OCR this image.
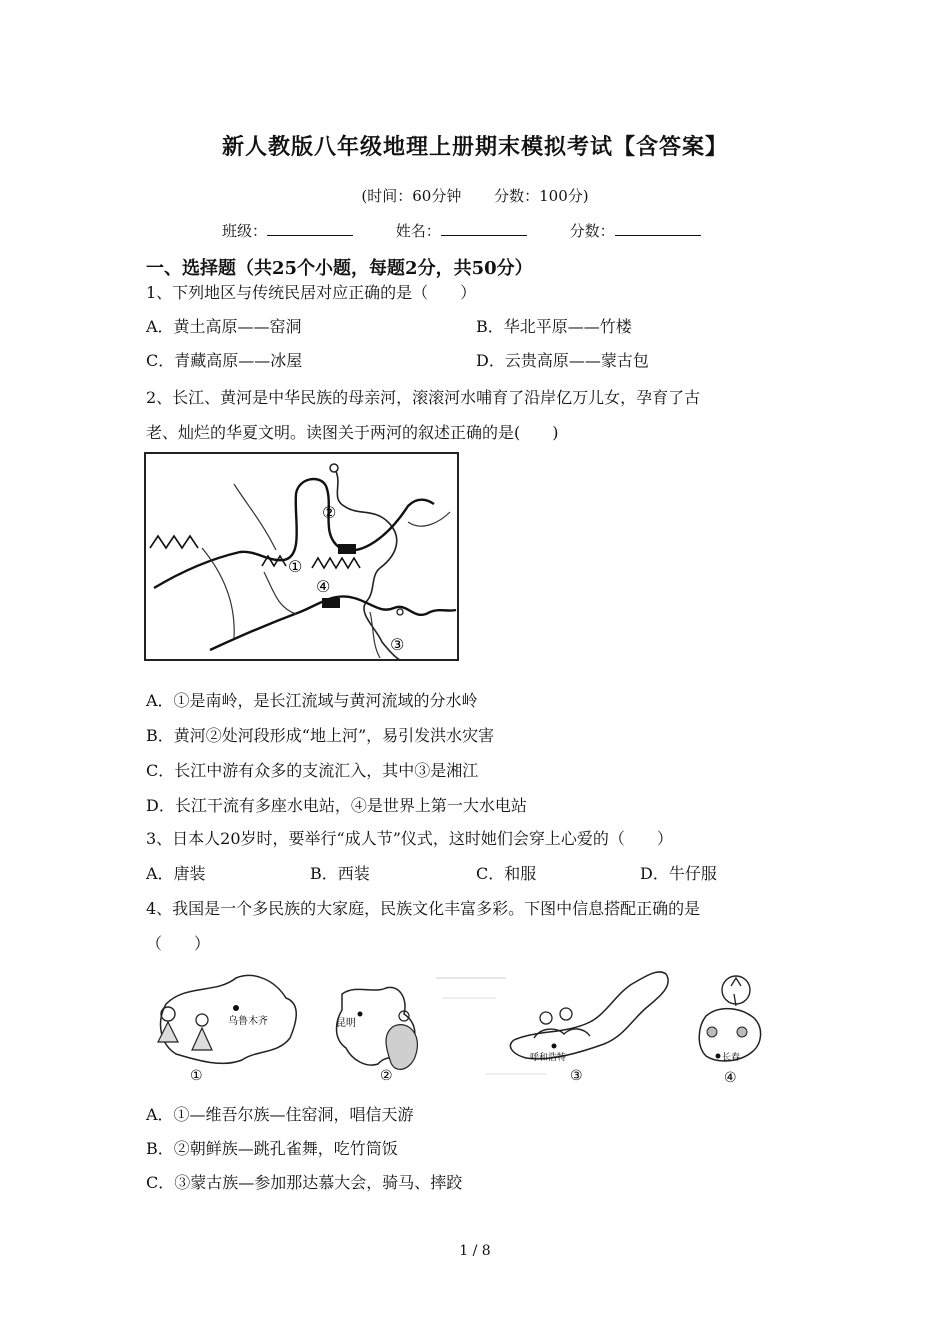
新人教版八年级地理上册期末模拟考试【含答案】
(时间：60分钟 分数：100分)
班级：	姓名：	分数：
一、选择题（共25个小题，每题2分，共50分）
1、下列地区与传统民居对应正确的是（　　）
A．黄土高原——窑洞	B．华北平原——竹楼
C．青藏高原——冰屋	D．云贵高原——蒙古包
2、长江、黄河是中华民族的母亲河，滚滚河水哺育了沿岸亿万儿女，孕育了古
老、灿烂的华夏文明。读图关于两河的叙述正确的是(　　)
②
①
④
③
A．①是南岭，是长江流域与黄河流域的分水岭
B．黄河②处河段形成“地上河”，易引发洪水灾害
C．长江中游有众多的支流汇入，其中③是湘江
D．长江干流有多座水电站，④是世界上第一大水电站
3、日本人20岁时，要举行“成人节”仪式，这时她们会穿上心爱的（　　）
A．唐装	B．西装	C．和服	D．牛仔服
4、我国是一个多民族的大家庭，民族文化丰富多彩。下图中信息搭配正确的是
（　　）
乌鲁木齐
①
昆明
②
呼和浩特
③
长春
④
A．①—维吾尔族—住窑洞，唱信天游
B．②朝鲜族—跳孔雀舞，吃竹筒饭
C．③蒙古族—参加那达慕大会，骑马、摔跤
1 / 8
